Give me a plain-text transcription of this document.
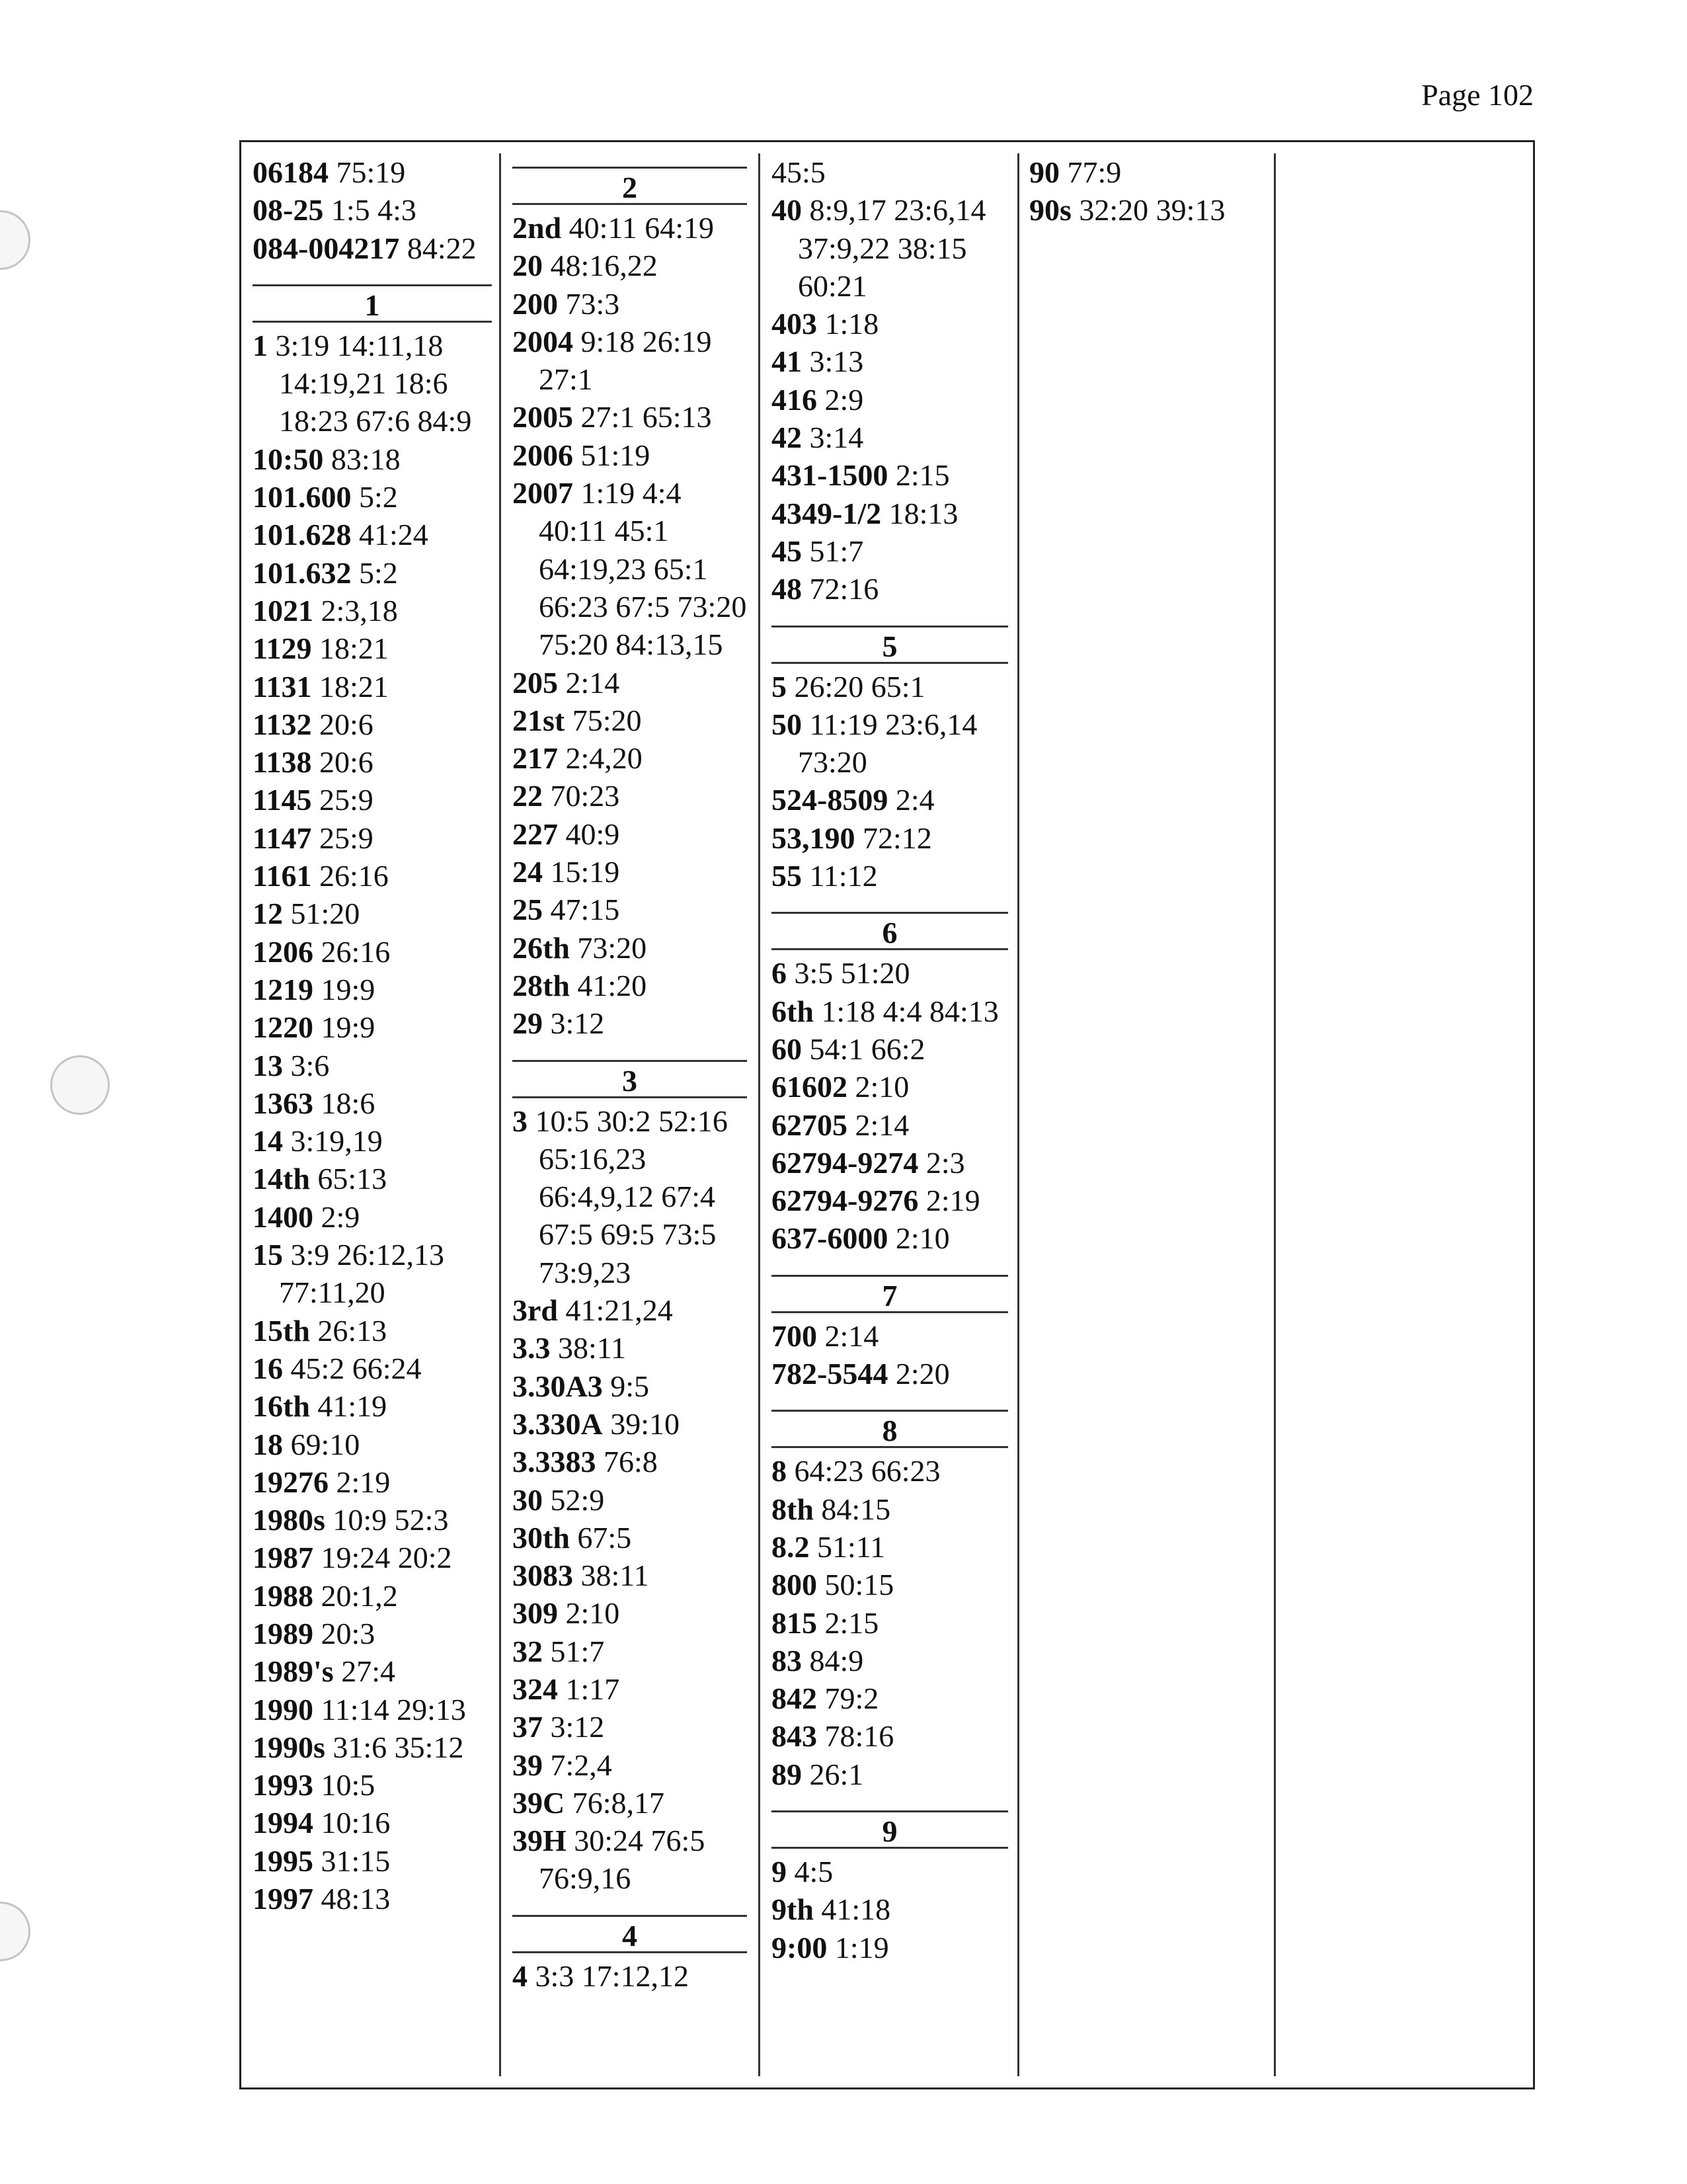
Page 102

06184 75:19

08-25 1:5 4:3

084-004217 84:22

1

1 3:19 14:11,18 14:19,21 18:6 18:23 67:6 84:9

10:50 83:18

101.600 5:2

101.628 41:24

101.632 5:2

1021 2:3,18

1129 18:21

1131 18:21

1132 20:6

1138 20:6

1145 25:9

1147 25:9

1161 26:16

12 51:20

1206 26:16

1219 19:9

1220 19:9

13 3:6

1363 18:6

14 3:19,19

14th 65:13

1400 2:9

15 3:9 26:12,13 77:11,20

15th 26:13

16 45:2 66:24

16th 41:19

18 69:10

19276 2:19

1980s 10:9 52:3

1987 19:24 20:2

1988 20:1,2

1989 20:3

1989's 27:4

1990 11:14 29:13

1990s 31:6 35:12

1993 10:5

1994 10:16

1995 31:15

1997 48:13

2

2nd 40:11 64:19

20 48:16,22

200 73:3

2004 9:18 26:19 27:1

2005 27:1 65:13

2006 51:19

2007 1:19 4:4 40:11 45:1 64:19,23 65:1 66:23 67:5 73:20 75:20 84:13,15

205 2:14

21st 75:20

217 2:4,20

22 70:23

227 40:9

24 15:19

25 47:15

26th 73:20

28th 41:20

29 3:12

3

3 10:5 30:2 52:16 65:16,23 66:4,9,12 67:4 67:5 69:5 73:5 73:9,23

3rd 41:21,24

3.3 38:11

3.30A3 9:5

3.330A 39:10

3.3383 76:8

30 52:9

30th 67:5

3083 38:11

309 2:10

32 51:7

324 1:17

37 3:12

39 7:2,4

39C 76:8,17

39H 30:24 76:5 76:9,16

4

4 3:3 17:12,12

45:5

40 8:9,17 23:6,14 37:9,22 38:15 60:21

403 1:18

41 3:13

416 2:9

42 3:14

431-1500 2:15

4349-1/2 18:13

45 51:7

48 72:16

5

5 26:20 65:1

50 11:19 23:6,14 73:20

524-8509 2:4

53,190 72:12

55 11:12

6

6 3:5 51:20

6th 1:18 4:4 84:13

60 54:1 66:2

61602 2:10

62705 2:14

62794-9274 2:3

62794-9276 2:19

637-6000 2:10

7

700 2:14

782-5544 2:20

8

8 64:23 66:23

8th 84:15

8.2 51:11

800 50:15

815 2:15

83 84:9

842 79:2

843 78:16

89 26:1

9

9 4:5

9th 41:18

9:00 1:19

90 77:9

90s 32:20 39:13
